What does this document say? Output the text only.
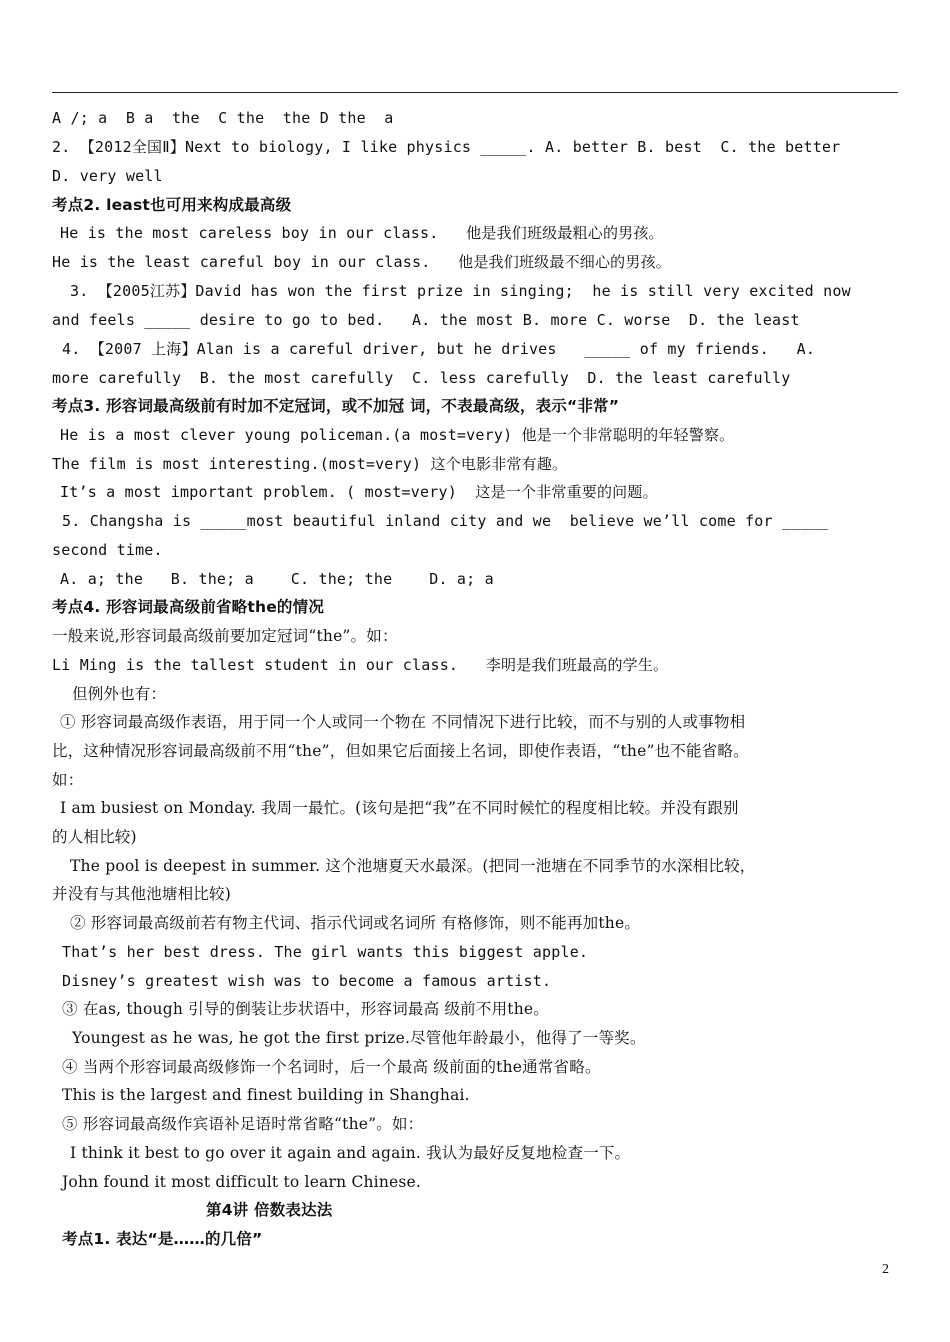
A /; a  B a  the  C the  the D the  a
2. 【2012全国Ⅱ】Next to biology, I like physics _____. A. better B. best  C. the better
D. very well
考点2. least也可用来构成最高级
He is the most careless boy in our class.   他是我们班级最粗心的男孩。
He is the least careful boy in our class.   他是我们班级最不细心的男孩。
3. 【2005江苏】David has won the first prize in singing;  he is still very excited now
and feels _____ desire to go to bed.   A. the most B. more C. worse  D. the least
4. 【2007 上海】Alan is a careful driver, but he drives   _____ of my friends.   A.
more carefully  B. the most carefully  C. less carefully  D. the least carefully
考点3. 形容词最高级前有时加不定冠词，或不加冠 词，不表最高级，表示“非常”
He is a most clever young policeman.(a most=very) 他是一个非常聪明的年轻警察。
The film is most interesting.(most=very) 这个电影非常有趣。
It’s a most important problem. ( most=very)  这是一个非常重要的问题。
5. Changsha is _____most beautiful inland city and we  believe we’ll come for _____
second time.
A. a; the   B. the; a    C. the; the    D. a; a
考点4. 形容词最高级前省略the的情况
一般来说,形容词最高级前要加定冠词“the”。如：
Li Ming is the tallest student in our class.   李明是我们班最高的学生。
但例外也有：
① 形容词最高级作表语，用于同一个人或同一个物在 不同情况下进行比较，而不与别的人或事物相
比，这种情况形容词最高级前不用“the”，但如果它后面接上名词，即使作表语，“the”也不能省略。
如：
I am busiest on Monday. 我周一最忙。(该句是把“我”在不同时候忙的程度相比较。并没有跟别
的人相比较)
The pool is deepest in summer. 这个池塘夏天水最深。(把同一池塘在不同季节的水深相比较，
并没有与其他池塘相比较)
② 形容词最高级前若有物主代词、指示代词或名词所 有格修饰，则不能再加the。
That’s her best dress. The girl wants this biggest apple.
Disney’s greatest wish was to become a famous artist.
③ 在as, though 引导的倒装让步状语中，形容词最高 级前不用the。
Youngest as he was, he got the first prize.尽管他年龄最小，他得了一等奖。
④ 当两个形容词最高级修饰一个名词时，后一个最高 级前面的the通常省略。
This is the largest and finest building in Shanghai.
⑤ 形容词最高级作宾语补足语时常省略“the”。如：
I think it best to go over it again and again. 我认为最好反复地检查一下。
John found it most difficult to learn Chinese.
第4讲 倍数表达法
考点1. 表达“是……的几倍”
2
